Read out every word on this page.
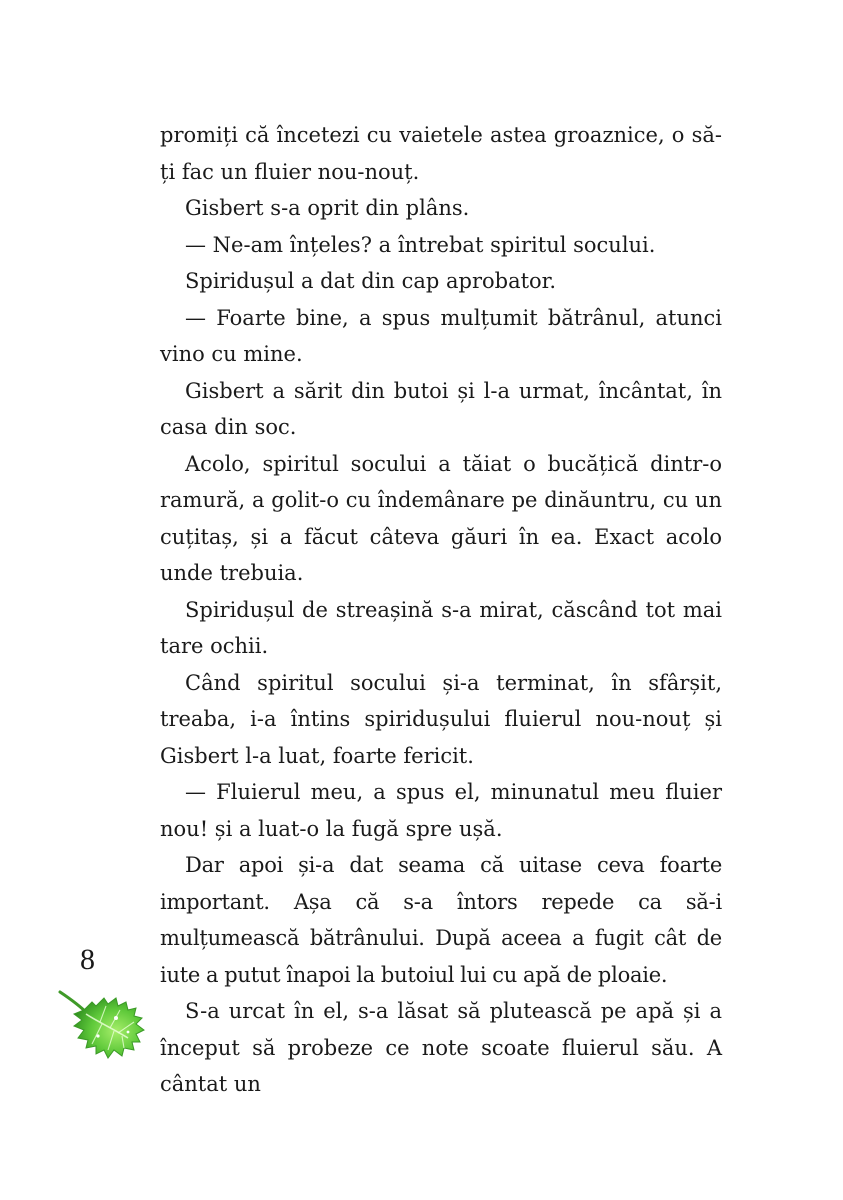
promiți că încetezi cu vaietele astea groaznice, o să-ți fac un fluier nou-nouț.

Gisbert s-a oprit din plâns.

— Ne-am înțeles? a întrebat spiritul socului.

Spiridușul a dat din cap aprobator.

— Foarte bine, a spus mulțumit bătrânul, atunci vino cu mine.

Gisbert a sărit din butoi și l-a urmat, încântat, în casa din soc.

Acolo, spiritul socului a tăiat o bucățică dintr-o ramură, a golit-o cu îndemânare pe dinăuntru, cu un cuțitaș, și a făcut câteva găuri în ea. Exact acolo unde trebuia.

Spiridușul de streașină s-a mirat, căscând tot mai tare ochii.

Când spiritul socului și-a terminat, în sfârșit, treaba, i-a întins spiridușului fluierul nou-nouț și Gisbert l-a luat, foarte fericit.

— Fluierul meu, a spus el, minunatul meu fluier nou! și a luat-o la fugă spre ușă.

Dar apoi și-a dat seama că uitase ceva foarte important. Așa că s-a întors repede ca să-i mulțumească bătrânului. După aceea a fugit cât de iute a putut înapoi la butoiul lui cu apă de ploaie.

S-a urcat în el, s-a lăsat să plutească pe apă și a început să probeze ce note scoate fluierul său. A cântat un

8
